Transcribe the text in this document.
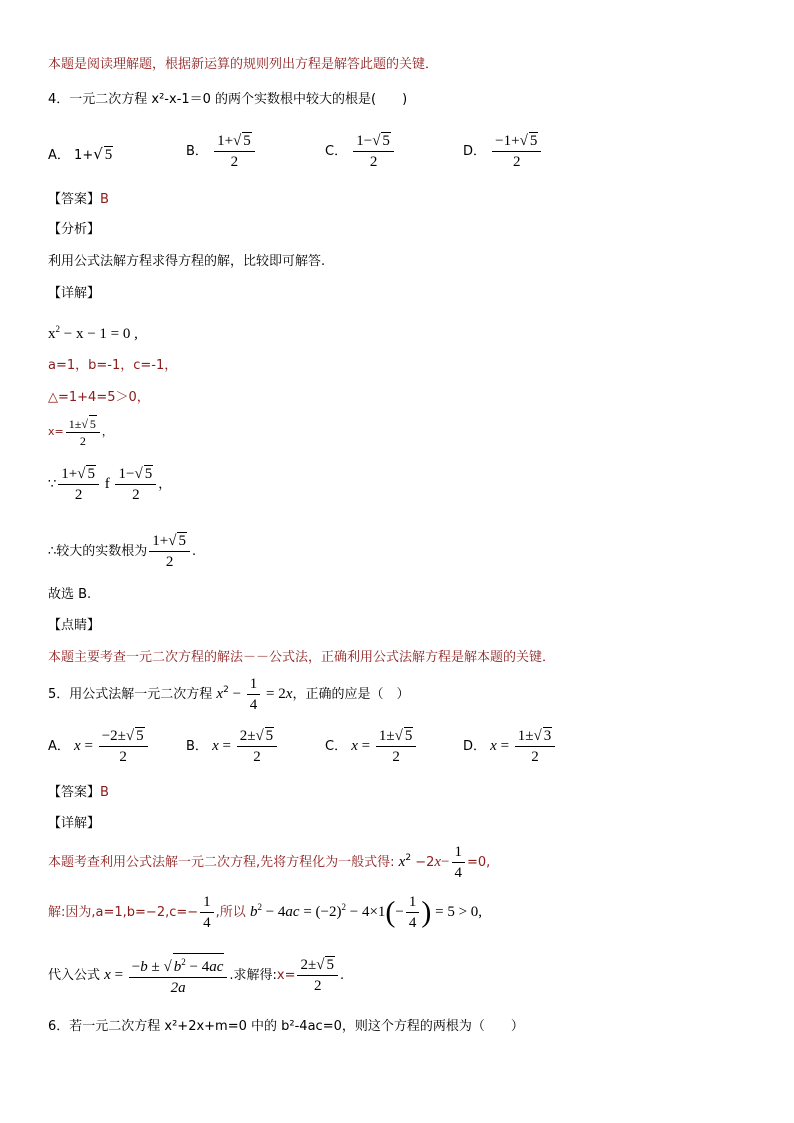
本题是阅读理解题，根据新运算的规则列出方程是解答此题的关键．
4．一元二次方程 x²-x-1＝0 的两个实数根中较大的根是(　　)
A． 1+√ 5	B． $\frac{1+√ 5}{2}$	C． $\frac{1-√ 5}{2}$	D． $\frac{-1+√ 5}{2}$
【答案】B
【分析】
利用公式法解方程求得方程的解，比较即可解答.
【详解】
$x^2 - x - 1 = 0$ ,
a=1，b=-1，c=-1，
△=1+4=5＞0，
$x= \frac{1\pm√ 5}{2}$ ，
∵ $\frac{1+√ 5}{2}$ f $\frac{1-√ 5}{2}$ ，
∴较大的实数根为 $\frac{1+√ 5}{2}$ .
故选 B.
【点睛】
本题主要考查一元二次方程的解法－－公式法，正确利用公式法解方程是解本题的关键．
5．用公式法解一元二次方程 $x^2 - \frac{1}{4} = 2x$，正确的应是（　）
A． $x = \frac{-2\pm√ 5}{2}$	B． $x = \frac{2\pm√ 5}{2}$	C． $x = \frac{1\pm√ 5}{2}$	D． $x = \frac{1\pm√ 3}{2}$
【答案】B
【详解】
本题考查利用公式法解一元二次方程,先将方程化为一般式得: $x^2 -2x- \frac{1}{4} =0$,
解:因为$,a=1,b=-2,c=- \frac{1}{4}$ ,所以 $b^2 - 4ac = (-2)^2 - 4\times 1(- \frac{1}{4}$ ) = 5 > 0,
代入公式 $x = \frac{-b \pm √ b^2 - 4ac}{2a}$ .求解得:x= $\frac{2\pm√ 5}{2}$ .
6．若一元二次方程 x²+2x+m=0 中的 b²-4ac=0，则这个方程的两根为（　　）
